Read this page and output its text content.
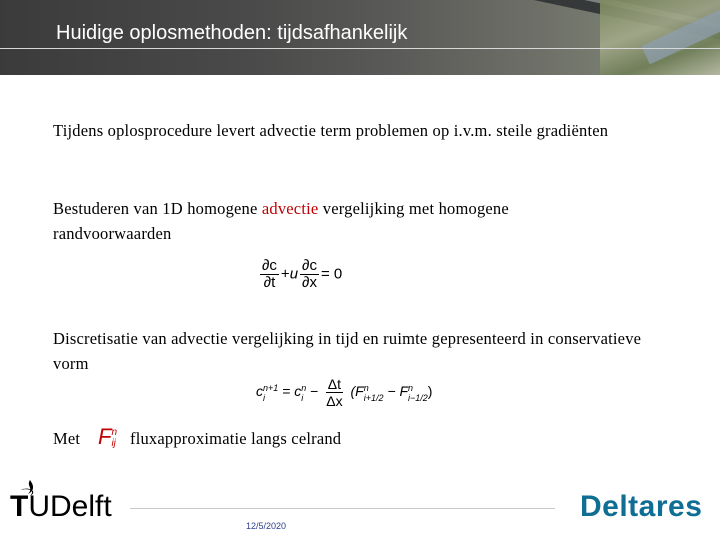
Huidige oplosmethoden: tijdsafhankelijk
Tijdens oplosprocedure levert advectie term problemen op i.v.m. steile gradiënten
Bestuderen van 1D homogene advectie vergelijking met homogene randvoorwaarden
$\frac{\partial c}{\partial t} +u \frac{\partial c}{\partial x} = 0$
Discretisatie van advectie vergelijking in tijd en ruimte gepresenteerd in conservatieve vorm
c n+1
i	= c n
$i - \frac{\Delta t}{\Delta x} (F$ n
i+1/2 − F n
i−1/2 )
Met F n
ij fluxapproximatie langs celrand
TUDelft
12/5/2020
Deltares
